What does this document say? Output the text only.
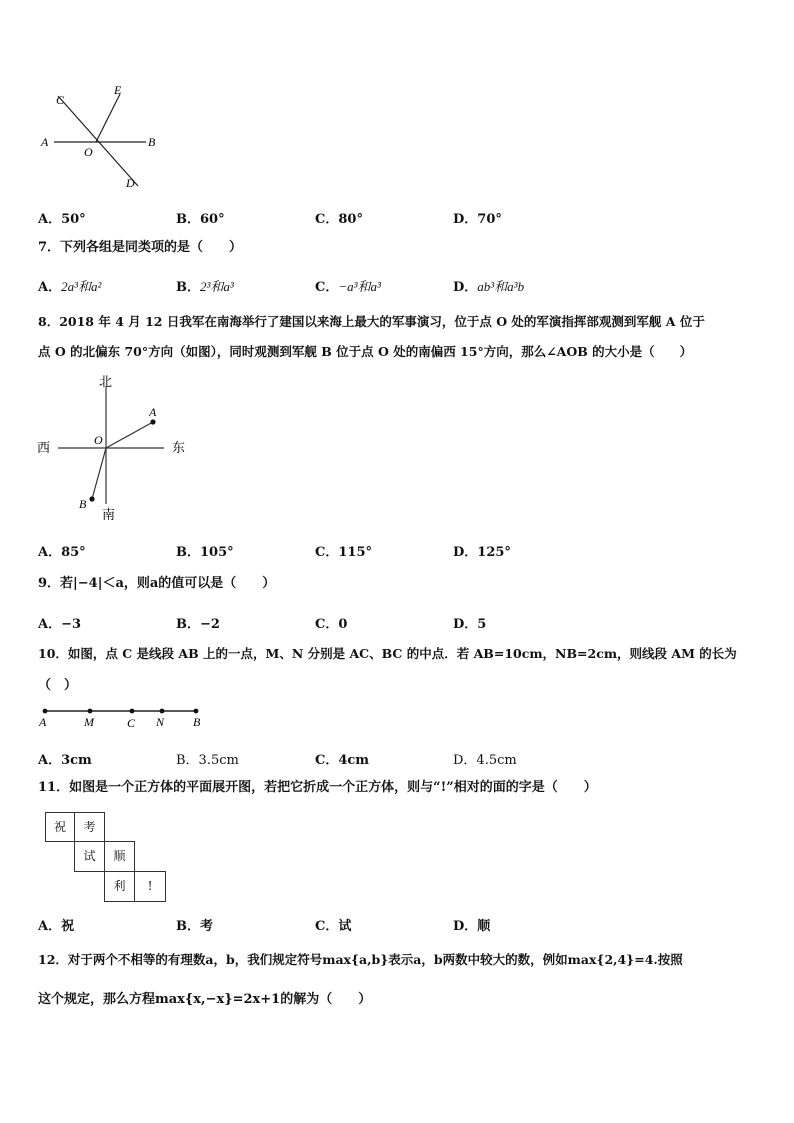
C
E
A
O
B
D
A．50°	B．60°	C．80°	D．70°
7．下列各组是同类项的是（　　）
A．2a³和a²	B．2³和a³	C．−a³和a³	D．ab³和a³b
8．2018 年 4 月 12 日我军在南海举行了建国以来海上最大的军事演习，位于点 O 处的军演指挥部观测到军舰 A 位于
点 O 的北偏东 70°方向（如图），同时观测到军舰 B 位于点 O 处的南偏西 15°方向，那么∠AOB 的大小是（　　）
北
南
西	东
O
A
B
A．85°	B．105°	C．115°	D．125°
9．若|−4|＜a，则a的值可以是（　　）
A．−3	B．−2	C．0	D．5
10．如图，点 C 是线段 AB 上的一点，M、N 分别是 AC、BC 的中点．若 AB=10cm，NB=2cm，则线段 AM 的长为
（　）
A	M	C N B
A．3cm	B．3.5cm	C．4cm	D．4.5cm
11．如图是一个正方体的平面展开图，若把它折成一个正方体，则与“!”相对的面的字是（　　）
祝	考
试	顺
利	!
A．祝	B．考	C．试	D．顺
12．对于两个不相等的有理数a，b，我们规定符号max{a,b}表示a，b两数中较大的数，例如max{2,4}=4.按照
这个规定，那么方程max{x,−x}=2x+1的解为（　　）
